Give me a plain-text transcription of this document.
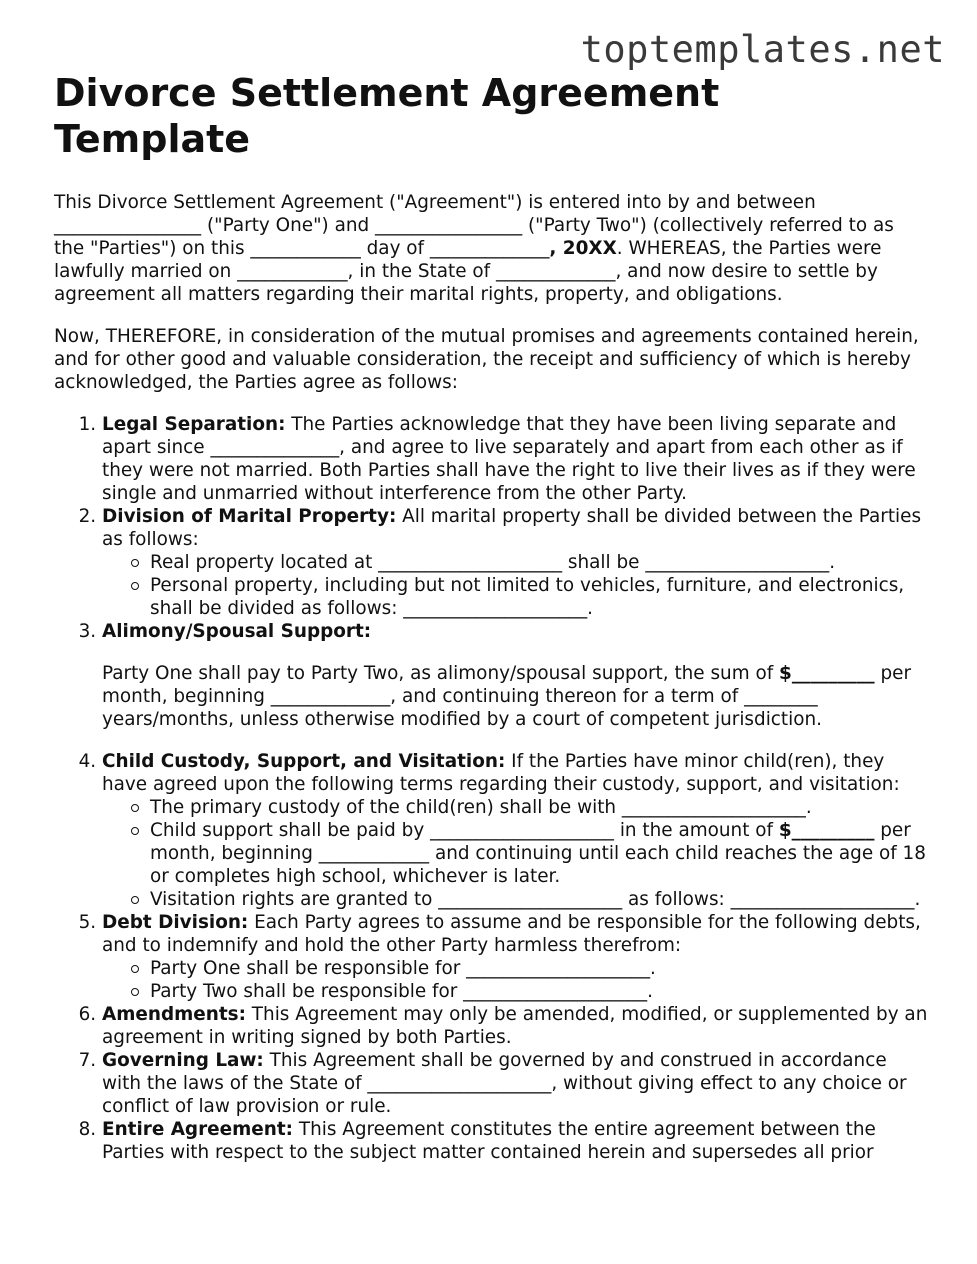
toptemplates.net
Divorce Settlement Agreement Template

This Divorce Settlement Agreement ("Agreement") is entered into by and between ________________ ("Party One") and ________________ ("Party Two") (collectively referred to as the "Parties") on this ____________ day of _____________, 20XX. WHEREAS, the Parties were lawfully married on ____________, in the State of _____________, and now desire to settle by agreement all matters regarding their marital rights, property, and obligations.

Now, THEREFORE, in consideration of the mutual promises and agreements contained herein, and for other good and valuable consideration, the receipt and sufficiency of which is hereby acknowledged, the Parties agree as follows:

1. Legal Separation: The Parties acknowledge that they have been living separate and apart since ______________, and agree to live separately and apart from each other as if they were not married. Both Parties shall have the right to live their lives as if they were single and unmarried without interference from the other Party.
2. Division of Marital Property: All marital property shall be divided between the Parties as follows:
Real property located at ____________________ shall be ____________________.
Personal property, including but not limited to vehicles, furniture, and electronics, shall be divided as follows: ____________________.
3. Alimony/Spousal Support:

Party One shall pay to Party Two, as alimony/spousal support, the sum of $_________ per month, beginning _____________, and continuing thereon for a term of ________ years/months, unless otherwise modified by a court of competent jurisdiction.

4. Child Custody, Support, and Visitation: If the Parties have minor child(ren), they have agreed upon the following terms regarding their custody, support, and visitation:
The primary custody of the child(ren) shall be with ____________________.
Child support shall be paid by ____________________ in the amount of $_________ per month, beginning ____________ and continuing until each child reaches the age of 18 or completes high school, whichever is later.
Visitation rights are granted to ____________________ as follows: ____________________.
5. Debt Division: Each Party agrees to assume and be responsible for the following debts, and to indemnify and hold the other Party harmless therefrom:
Party One shall be responsible for ____________________.
Party Two shall be responsible for ____________________.
6. Amendments: This Agreement may only be amended, modified, or supplemented by an agreement in writing signed by both Parties.
7. Governing Law: This Agreement shall be governed by and construed in accordance with the laws of the State of ____________________, without giving effect to any choice or conflict of law provision or rule.
8. Entire Agreement: This Agreement constitutes the entire agreement between the Parties with respect to the subject matter contained herein and supersedes all prior
